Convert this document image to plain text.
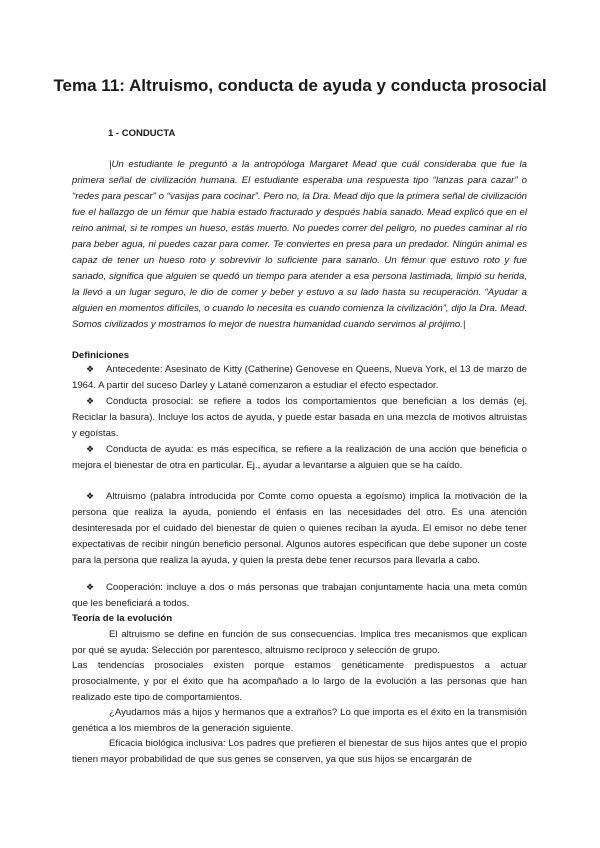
Tema 11: Altruismo, conducta de ayuda y conducta prosocial
1 - CONDUCTA

|Un estudiante le preguntó a la antropóloga Margaret Mead que cuál consideraba que fue la primera señal de civilización humana. El estudiante esperaba una respuesta tipo “lanzas para cazar” o “redes para pescar” o “vasijas para cocinar”. Pero no, la Dra. Mead dijo que la primera señal de civilización fue el hallazgo de un fémur que había estado fracturado y después había sanado. Mead explicó que en el reino animal, si te rompes un hueso, estás muerto. No puedes correr del peligro, no puedes caminar al río para beber agua, ni puedes cazar para comer. Te conviertes en presa para un predador. Ningún animal es capaz de tener un hueso roto y sobrevivir lo suficiente para sanarlo. Un fémur que estuvo roto y fue sanado, significa que alguien se quedó un tiempo para atender a esa persona lastimada, limpió su herida, la llevó a un lugar seguro, le dio de comer y beber y estuvo a su lado hasta su recuperación. “Ayudar a alguien en momentos difíciles, o cuando lo necesita es cuando comienza la civilización”, dijo la Dra. Mead. Somos civilizados y mostramos lo mejor de nuestra humanidad cuando servimos al prójimo.|

Definiciones

❖ Antecedente: Asesinato de Kitty (Catherine) Genovese en Queens, Nueva York, el 13 de marzo de 1964. A partir del suceso Darley y Latané comenzaron a estudiar el efecto espectador.

❖ Conducta prosocial: se refiere a todos los comportamientos que benefician a los demás (ej. Reciclar la basura). Incluye los actos de ayuda, y puede estar basada en una mezcla de motivos altruistas y egoístas.

❖ Conducta de ayuda: es más específica, se refiere a la realización de una acción que beneficia o mejora el bienestar de otra en particular. Ej., ayudar a levantarse a alguien que se ha caído.

❖ Altruismo (palabra introducida por Comte como opuesta a egoísmo) implica la motivación de la persona que realiza la ayuda, poniendo el énfasis en las necesidades del otro. Es una atención desinteresada por el cuidado del bienestar de quien o quienes reciban la ayuda. El emisor no debe tener expectativas de recibir ningún beneficio personal. Algunos autores especifican que debe suponer un coste para la persona que realiza la ayuda, y quien la presta debe tener recursos para llevarla a cabo.

❖ Cooperación: incluye a dos o más personas que trabajan conjuntamente hacia una meta común que les beneficiará a todos.

Teoría de la evolución

El altruismo se define en función de sus consecuencias. Implica tres mecanismos que explican por qué se ayuda: Selección por parentesco, altruismo recíproco y selección de grupo.

Las tendencias prosociales existen porque estamos genéticamente predispuestos a actuar prosocialmente, y por el éxito que ha acompañado a lo largo de la evolución a las personas que han realizado este tipo de comportamientos.

¿Ayudamos más a hijos y hermanos que a extraños? Lo que importa es el éxito en la transmisión genética a los miembros de la generación siguiente.

Eficacia biológica inclusiva: Los padres que prefieren el bienestar de sus hijos antes que el propio tienen mayor probabilidad de que sus genes se conserven, ya que sus hijos se encargarán de
